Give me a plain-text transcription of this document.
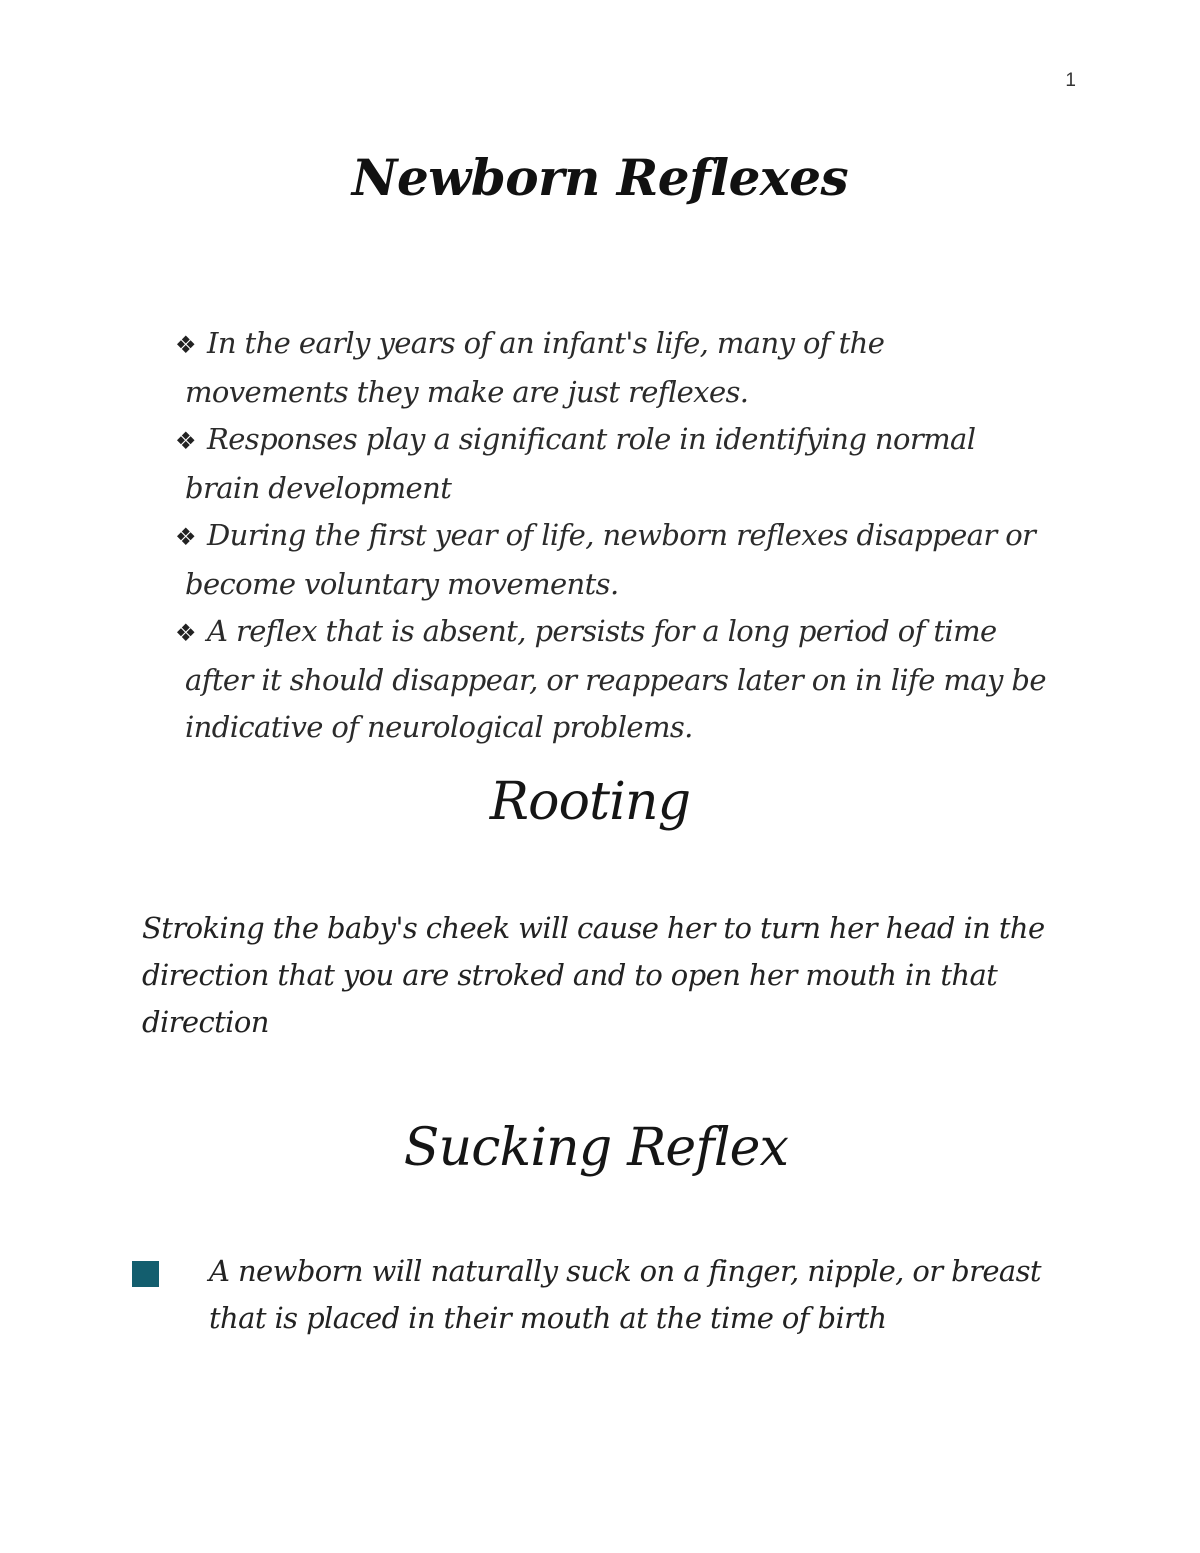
1
Newborn Reflexes
❖ In the early years of an infant's life, many of the movements they make are just reflexes.
❖ Responses play a significant role in identifying normal brain development
❖ During the first year of life, newborn reflexes disappear or become voluntary movements.
❖ A reflex that is absent, persists for a long period of time after it should disappear, or reappears later on in life may be indicative of neurological problems.
Rooting

Stroking the baby's cheek will cause her to turn her head in the direction that you are stroked and to open her mouth in that direction

Sucking Reflex
A newborn will naturally suck on a finger, nipple, or breast that is placed in their mouth at the time of birth
